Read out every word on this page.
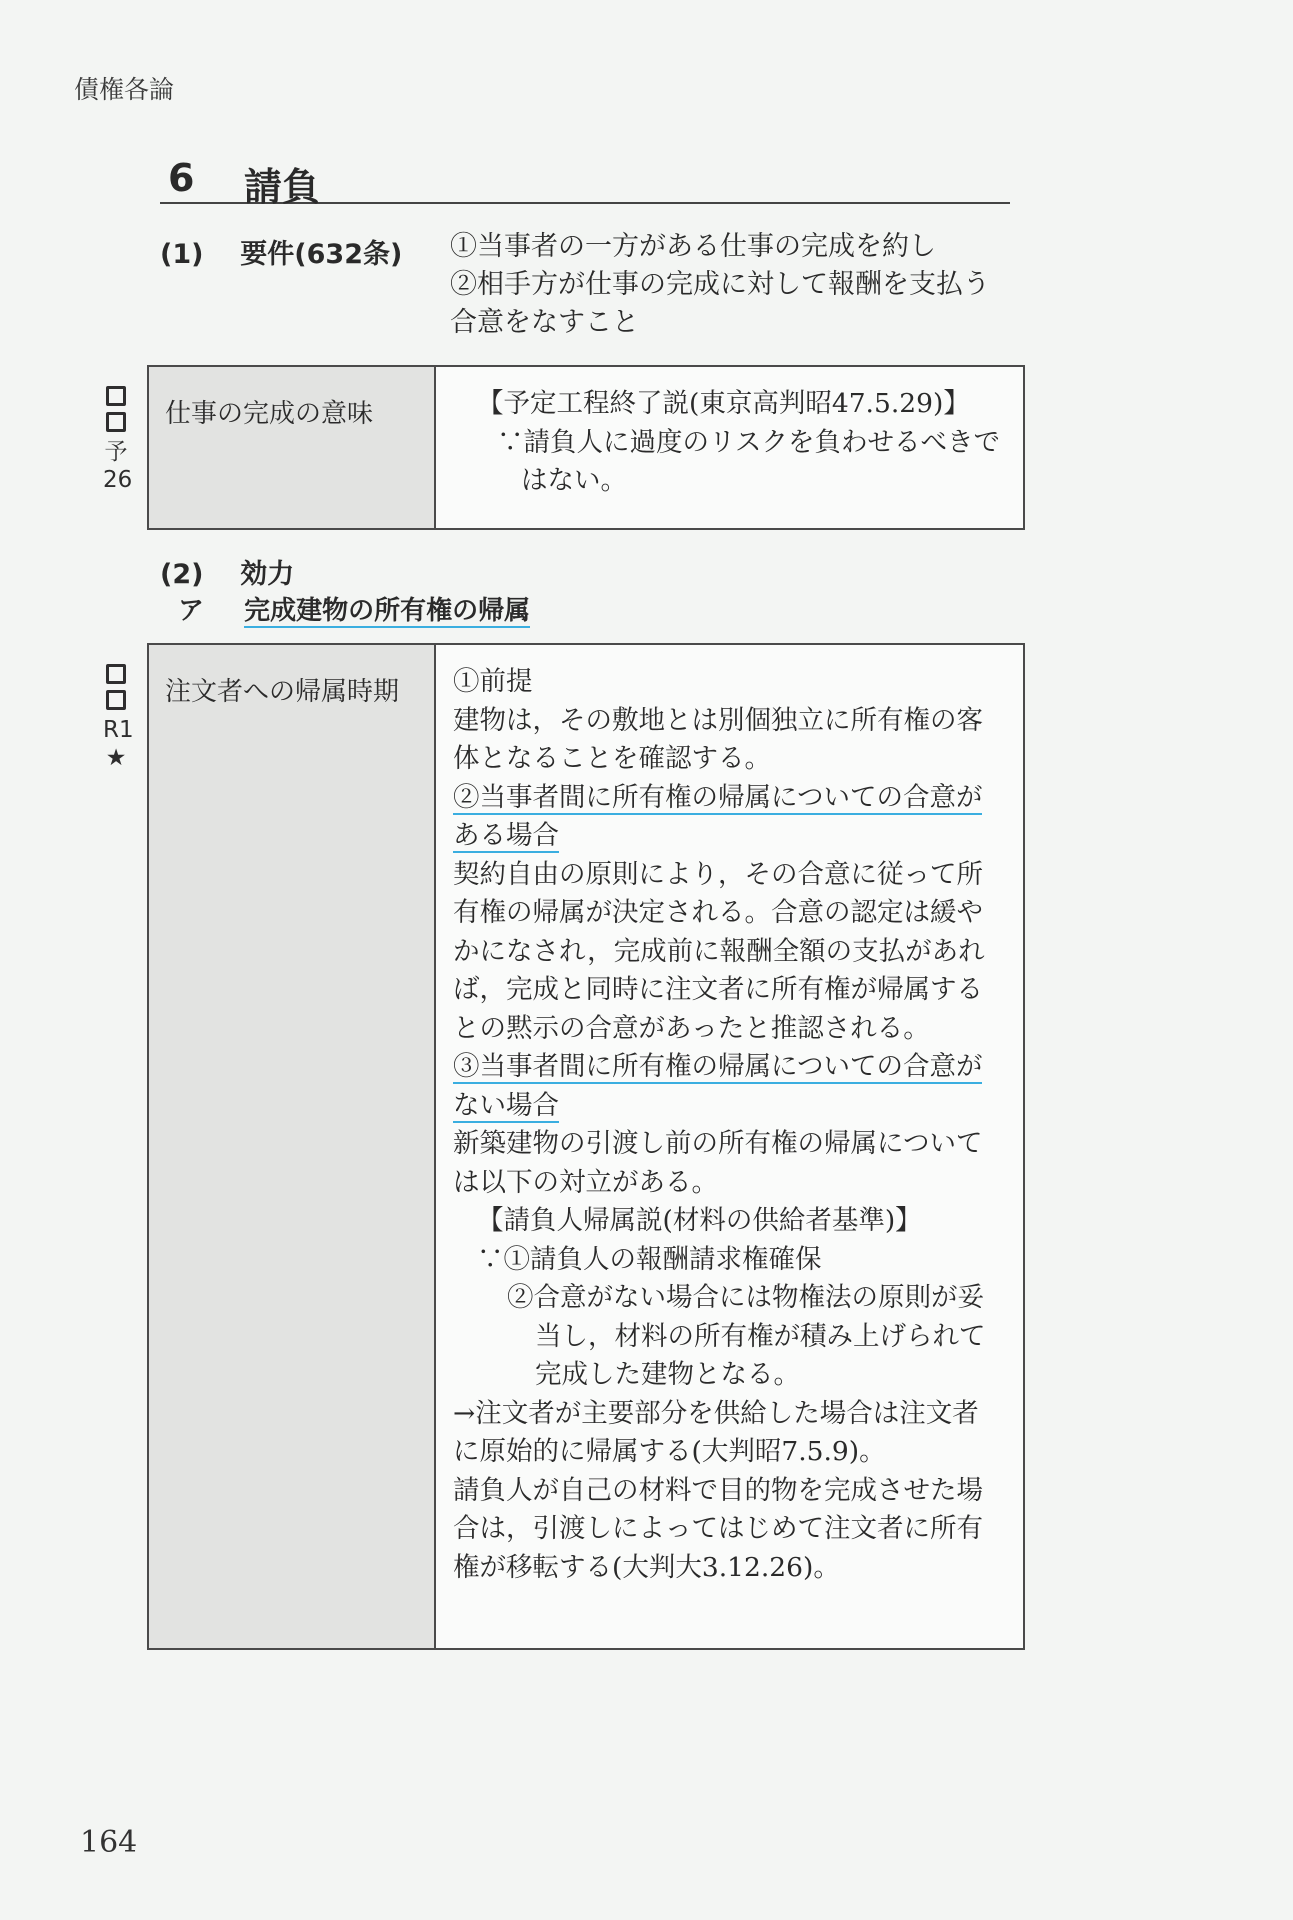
債権各論
6 請負
(1) 要件(632条) ①当事者の一方がある仕事の完成を約し
②相手方が仕事の完成に対して報酬を支払う
合意をなすこと
予
26
仕事の完成の意味	【予定工程終了説(東京高判昭47.5.29)】
∵請負人に過度のリスクを負わせるべきで
はない。
(2) 効力
ア 完成建物の所有権の帰属
R1
★
注文者への帰属時期 ①前提
建物は，その敷地とは別個独立に所有権の客
体となることを確認する。
②当事者間に所有権の帰属についての合意が
ある場合
契約自由の原則により，その合意に従って所
有権の帰属が決定される。合意の認定は緩や
かになされ，完成前に報酬全額の支払があれ
ば，完成と同時に注文者に所有権が帰属する
との黙示の合意があったと推認される。
③当事者間に所有権の帰属についての合意が
ない場合
新築建物の引渡し前の所有権の帰属について
は以下の対立がある。
【請負人帰属説(材料の供給者基準)】
∵①請負人の報酬請求権確保
②合意がない場合には物権法の原則が妥
当し，材料の所有権が積み上げられて
完成した建物となる。
→注文者が主要部分を供給した場合は注文者
に原始的に帰属する(大判昭7.5.9)。
請負人が自己の材料で目的物を完成させた場
合は，引渡しによってはじめて注文者に所有
権が移転する(大判大3.12.26)。
164
